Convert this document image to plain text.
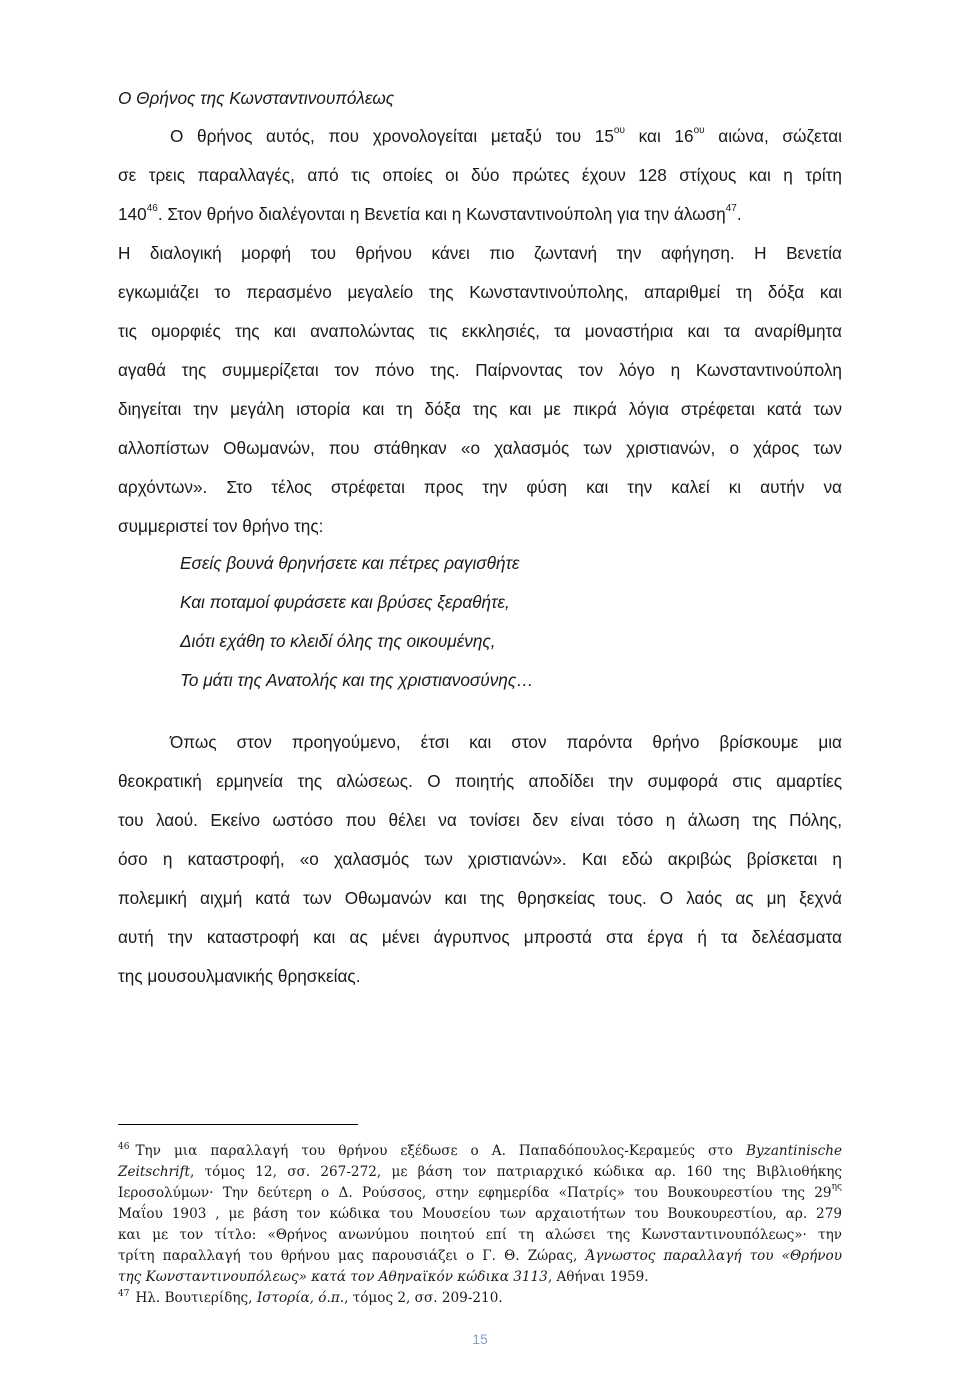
Ο Θρήνος της Κωνσταντινουπόλεως
Ο θρήνος αυτός, που χρονολογείται μεταξύ του $15^{o\upsilon}$ και $16^{o\upsilon}$ αιώνα, σώζεται
σε τρεις παραλλαγές, από τις οποίες οι δύο πρώτες έχουν 128 στίχους και η τρίτη
$140^{46}$. Στον θρήνο διαλέγονται η Βενετία και η Κωνσταντινούπολη για την άλωση$^{47}$.
Η διαλογική μορφή του θρήνου κάνει πιο ζωντανή την αφήγηση. Η Βενετία
εγκωμιάζει το περασμένο μεγαλείο της Κωνσταντινούπολης, απαριθμεί τη δόξα και
τις ομορφιές της και αναπολώντας τις εκκλησιές, τα μοναστήρια και τα αναρίθμητα
αγαθά της συμμερίζεται τον πόνο της. Παίρνοντας τον λόγο η Κωνσταντινούπολη
διηγείται την μεγάλη ιστορία και τη δόξα της και με πικρά λόγια στρέφεται κατά των
αλλοπίστων Οθωμανών, που στάθηκαν «ο χαλασμός των χριστιανών, ο χάρος των
αρχόντων». Στο τέλος στρέφεται προς την φύση και την καλεί κι αυτήν να
συμμεριστεί τον θρήνο της:
Εσείς βουνά θρηνήσετε και πέτρες ραγισθήτε
Και ποταμοί φυράσετε και βρύσες ξεραθήτε,
Διότι εχάθη το κλειδί όλης της οικουμένης,
Το μάτι της Ανατολής και της χριστιανοσύνης…
Όπως στον προηγούμενο, έτσι και στον παρόντα θρήνο βρίσκουμε μια
θεοκρατική ερμηνεία της αλώσεως. Ο ποιητής αποδίδει την συμφορά στις αμαρτίες
του λαού. Εκείνο ωστόσο που θέλει να τονίσει δεν είναι τόσο η άλωση της Πόλης,
όσο η καταστροφή, «ο χαλασμός των χριστιανών». Και εδώ ακριβώς βρίσκεται η
πολεμική αιχμή κατά των Οθωμανών και της θρησκείας τους. Ο λαός ας μη ξεχνά
αυτή την καταστροφή και ας μένει άγρυπνος μπροστά στα έργα ή τα δελέασματα
της μουσουλμανικής θρησκείας.
$^{46}$ Την μια παραλλαγή του θρήνου εξέδωσε ο Α. Παπαδόπουλος-Κεραμεύς στο Byzantinische
Zeitschrift, τόμος 12, σσ. 267-272, με βάση τον πατριαρχικό κώδικα αρ. 160 της Βιβλιοθήκης
Ιεροσολύμων· Την δεύτερη ο Δ. Ρούσσος, στην εφημερίδα «Πατρίς» του Βουκουρεστίου της $29^{\eta\varsigma}$
Μαΐου 1903 , με βάση τον κώδικα του Μουσείου των αρχαιοτήτων του Βουκουρεστίου, αρ. 279
και με τον τίτλο: «Θρήνος ανωνύμου ποιητού επί τη αλώσει της Κωνσταντινουπόλεως»· την
τρίτη παραλλαγή του θρήνου μας παρουσιάζει ο Γ. Θ. Ζώρας, Άγνωστος παραλλαγή του «Θρήνου
της Κωνσταντινουπόλεως» κατά τον Αθηναϊκόν κώδικα 3113, Αθήναι 1959.
$^{47}$ Ηλ. Βουτιερίδης, Ιστορία, ό.π., τόμος 2, σσ. 209-210.
15
